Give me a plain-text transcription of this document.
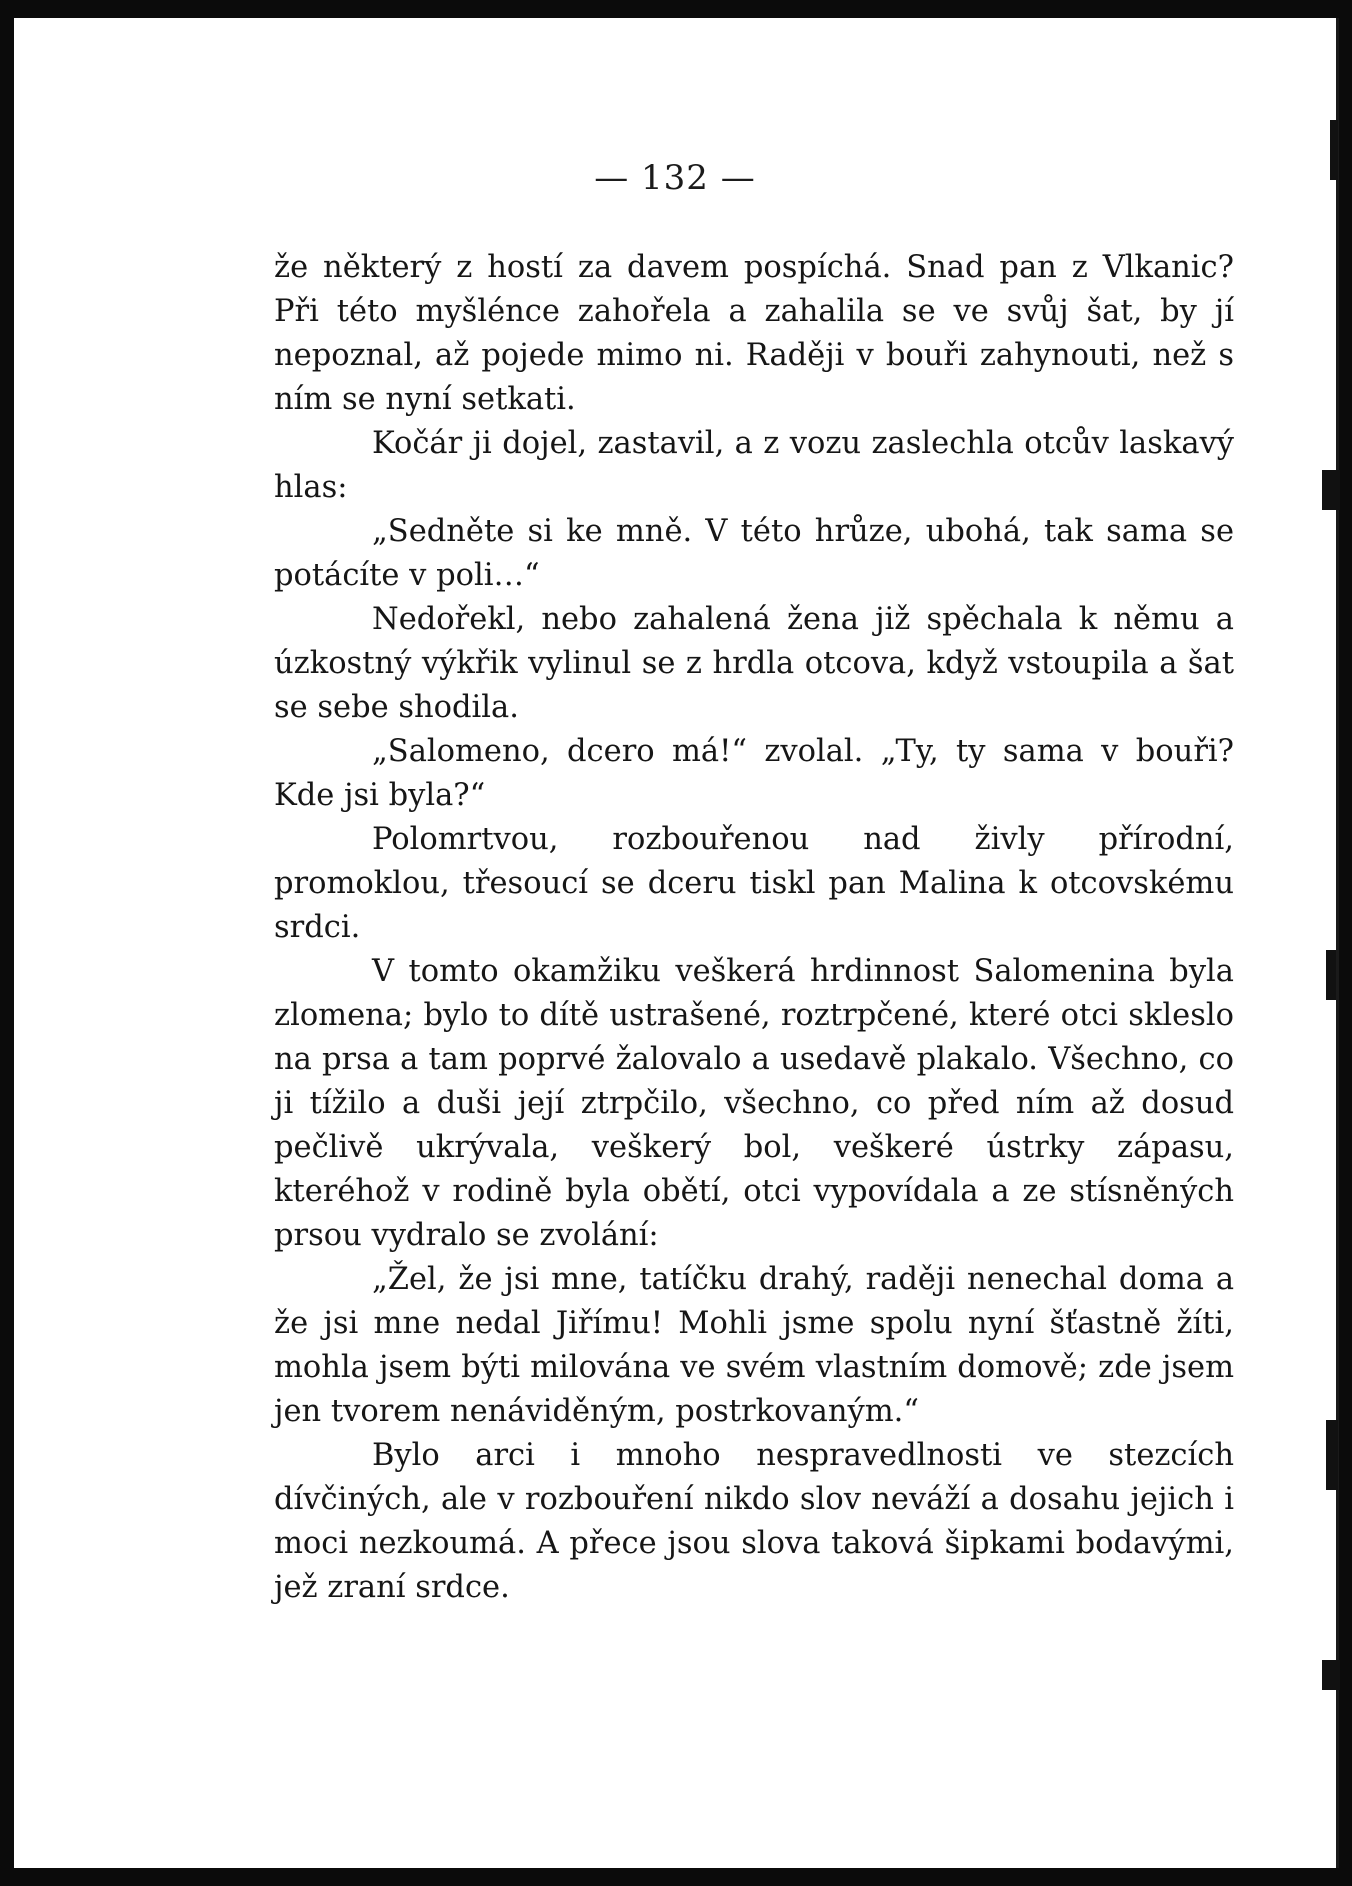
— 132 —

že některý z hostí za davem pospíchá. Snad pan z Vlkanic? Při této myšlénce zahořela a zahalila se ve svůj šat, by jí nepoznal, až pojede mimo ni. Raději v bouři zahynouti, než s ním se nyní setkati.

Kočár ji dojel, zastavil, a z vozu zaslechla otcův laskavý hlas:

„Sedněte si ke mně. V této hrůze, ubohá, tak sama se potácíte v poli…“

Nedořekl, nebo zahalená žena již spěchala k němu a úzkostný výkřik vylinul se z hrdla otcova, když vstoupila a šat se sebe shodila.

„Salomeno, dcero má!“ zvolal. „Ty, ty sama v bouři? Kde jsi byla?“

Polomrtvou, rozbouřenou nad živly přírodní, promoklou, třesoucí se dceru tiskl pan Malina k otcovskému srdci.

V tomto okamžiku veškerá hrdinnost Salomenina byla zlomena; bylo to dítě ustrašené, roztrpčené, které otci skleslo na prsa a tam poprvé žalovalo a usedavě plakalo. Všechno, co ji tížilo a duši její ztrpčilo, všechno, co před ním až dosud pečlivě ukrývala, veškerý bol, veškeré ústrky zápasu, kteréhož v rodině byla obětí, otci vypovídala a ze stísněných prsou vydralo se zvolání:

„Žel, že jsi mne, tatíčku drahý, raději nenechal doma a že jsi mne nedal Jiřímu! Mohli jsme spolu nyní šťastně žíti, mohla jsem býti milována ve svém vlastním domově; zde jsem jen tvorem nenáviděným, postrkovaným.“

Bylo arci i mnoho nespravedlnosti ve stezcích dívčiných, ale v rozbouření nikdo slov neváží a dosahu jejich i moci nezkoumá. A přece jsou slova taková šipkami bodavými, jež zraní srdce.
